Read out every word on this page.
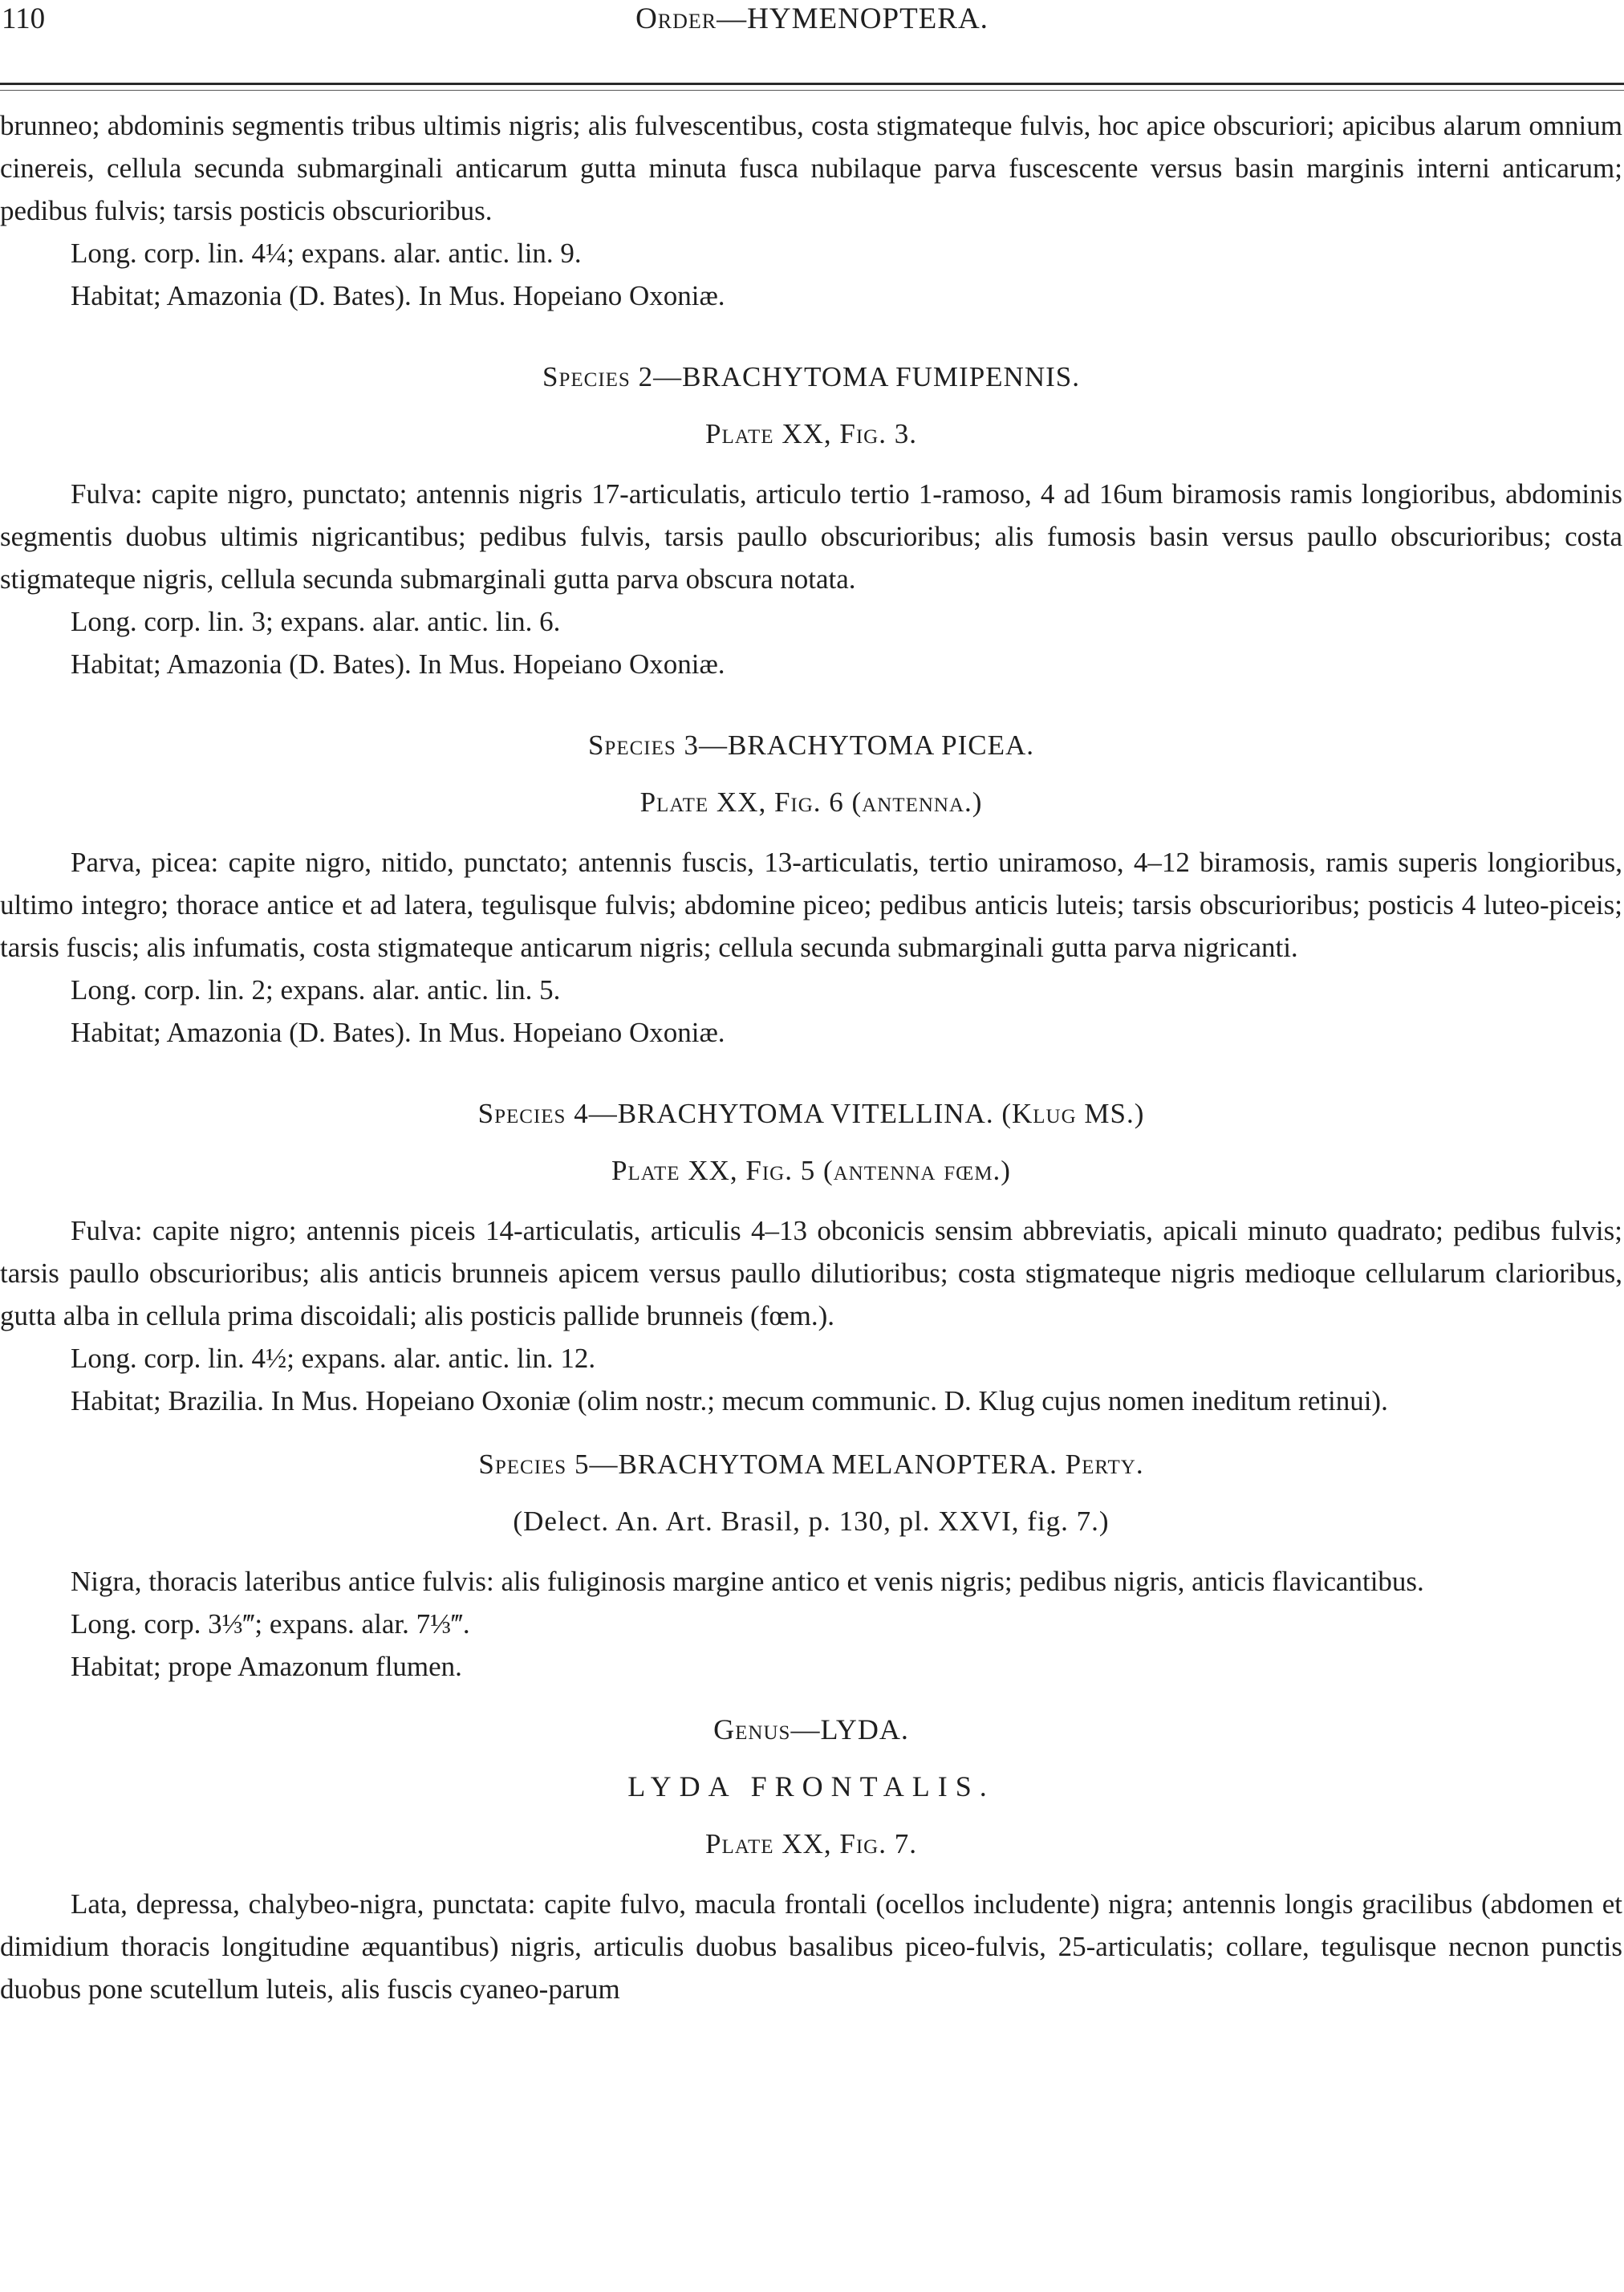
110	Order—HYMENOPTERA.

brunneo; abdominis segmentis tribus ultimis nigris; alis fulvescentibus, costa stigmateque fulvis, hoc apice obscuriori; apicibus alarum omnium cinereis, cellula secunda submarginali anticarum gutta minuta fusca nubilaque parva fuscescente versus basin marginis interni anticarum; pedibus fulvis; tarsis posticis obscurioribus.

Long. corp. lin. 4¼; expans. alar. antic. lin. 9.

Habitat; Amazonia (D. Bates). In Mus. Hopeiano Oxoniæ.

Species 2—BRACHYTOMA FUMIPENNIS.
Plate XX, Fig. 3.

Fulva: capite nigro, punctato; antennis nigris 17-articulatis, articulo tertio 1-ramoso, 4 ad 16um biramosis ramis longioribus, abdominis segmentis duobus ultimis nigricantibus; pedibus fulvis, tarsis paullo obscurioribus; alis fumosis basin versus paullo obscurioribus; costa stigmateque nigris, cellula secunda submarginali gutta parva obscura notata.

Long. corp. lin. 3; expans. alar. antic. lin. 6.

Habitat; Amazonia (D. Bates). In Mus. Hopeiano Oxoniæ.

Species 3—BRACHYTOMA PICEA.
Plate XX, Fig. 6 (antenna.)

Parva, picea: capite nigro, nitido, punctato; antennis fuscis, 13-articulatis, tertio uniramoso, 4–12 biramosis, ramis superis longioribus, ultimo integro; thorace antice et ad latera, tegulisque fulvis; abdomine piceo; pedibus anticis luteis; tarsis obscurioribus; posticis 4 luteo-piceis; tarsis fuscis; alis infumatis, costa stigmateque anticarum nigris; cellula secunda submarginali gutta parva nigricanti.

Long. corp. lin. 2; expans. alar. antic. lin. 5.

Habitat; Amazonia (D. Bates). In Mus. Hopeiano Oxoniæ.

Species 4—BRACHYTOMA VITELLINA. (Klug MS.)
Plate XX, Fig. 5 (antenna fœm.)

Fulva: capite nigro; antennis piceis 14-articulatis, articulis 4–13 obconicis sensim abbreviatis, apicali minuto quadrato; pedibus fulvis; tarsis paullo obscurioribus; alis anticis brunneis apicem versus paullo dilutioribus; costa stigmateque nigris medioque cellularum clarioribus, gutta alba in cellula prima discoidali; alis posticis pallide brunneis (fœm.).

Long. corp. lin. 4½; expans. alar. antic. lin. 12.

Habitat; Brazilia. In Mus. Hopeiano Oxoniæ (olim nostr.; mecum communic. D. Klug cujus nomen ineditum retinui).

Species 5—BRACHYTOMA MELANOPTERA. Perty.
(Delect. An. Art. Brasil, p. 130, pl. XXVI, fig. 7.)

Nigra, thoracis lateribus antice fulvis: alis fuliginosis margine antico et venis nigris; pedibus nigris, anticis flavicantibus.

Long. corp. 3⅓‴; expans. alar. 7⅓‴.

Habitat; prope Amazonum flumen.

Genus—LYDA.
LYDA FRONTALIS.
Plate XX, Fig. 7.

Lata, depressa, chalybeo-nigra, punctata: capite fulvo, macula frontali (ocellos includente) nigra; antennis longis gracilibus (abdomen et dimidium thoracis longitudine æquantibus) nigris, articulis duobus basalibus piceo-fulvis, 25-articulatis; collare, tegulisque necnon punctis duobus pone scutellum luteis, alis fuscis cyaneo-parum
